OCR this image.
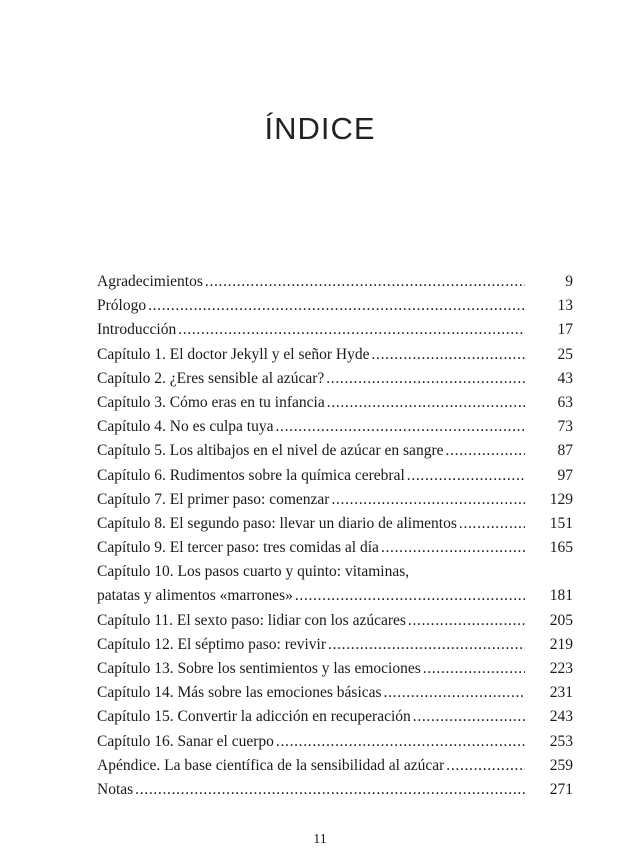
ÍNDICE
Agradecimientos . . .	9
Prólogo . . .	13
Introducción . . .	17
Capítulo 1. El doctor Jekyll y el señor Hyde . . .	25
Capítulo 2. ¿Eres sensible al azúcar? . . .	43
Capítulo 3. Cómo eras en tu infancia . . .	63
Capítulo 4. No es culpa tuya . . .	73
Capítulo 5. Los altibajos en el nivel de azúcar en sangre . . .	87
Capítulo 6. Rudimentos sobre la química cerebral . . .	97
Capítulo 7. El primer paso: comenzar . . .	129
Capítulo 8. El segundo paso: llevar un diario de alimentos . . .	151
Capítulo 9. El tercer paso: tres comidas al día . . .	165
Capítulo 10. Los pasos cuarto y quinto: vitaminas,
patatas y alimentos «marrones» . . .	181
Capítulo 11. El sexto paso: lidiar con los azúcares . . .	205
Capítulo 12. El séptimo paso: revivir . . .	219
Capítulo 13. Sobre los sentimientos y las emociones . . .	223
Capítulo 14. Más sobre las emociones básicas . . .	231
Capítulo 15. Convertir la adicción en recuperación . . .	243
Capítulo 16. Sanar el cuerpo . . .	253
Apéndice. La base científica de la sensibilidad al azúcar . . .	259
Notas . . .	271
11
